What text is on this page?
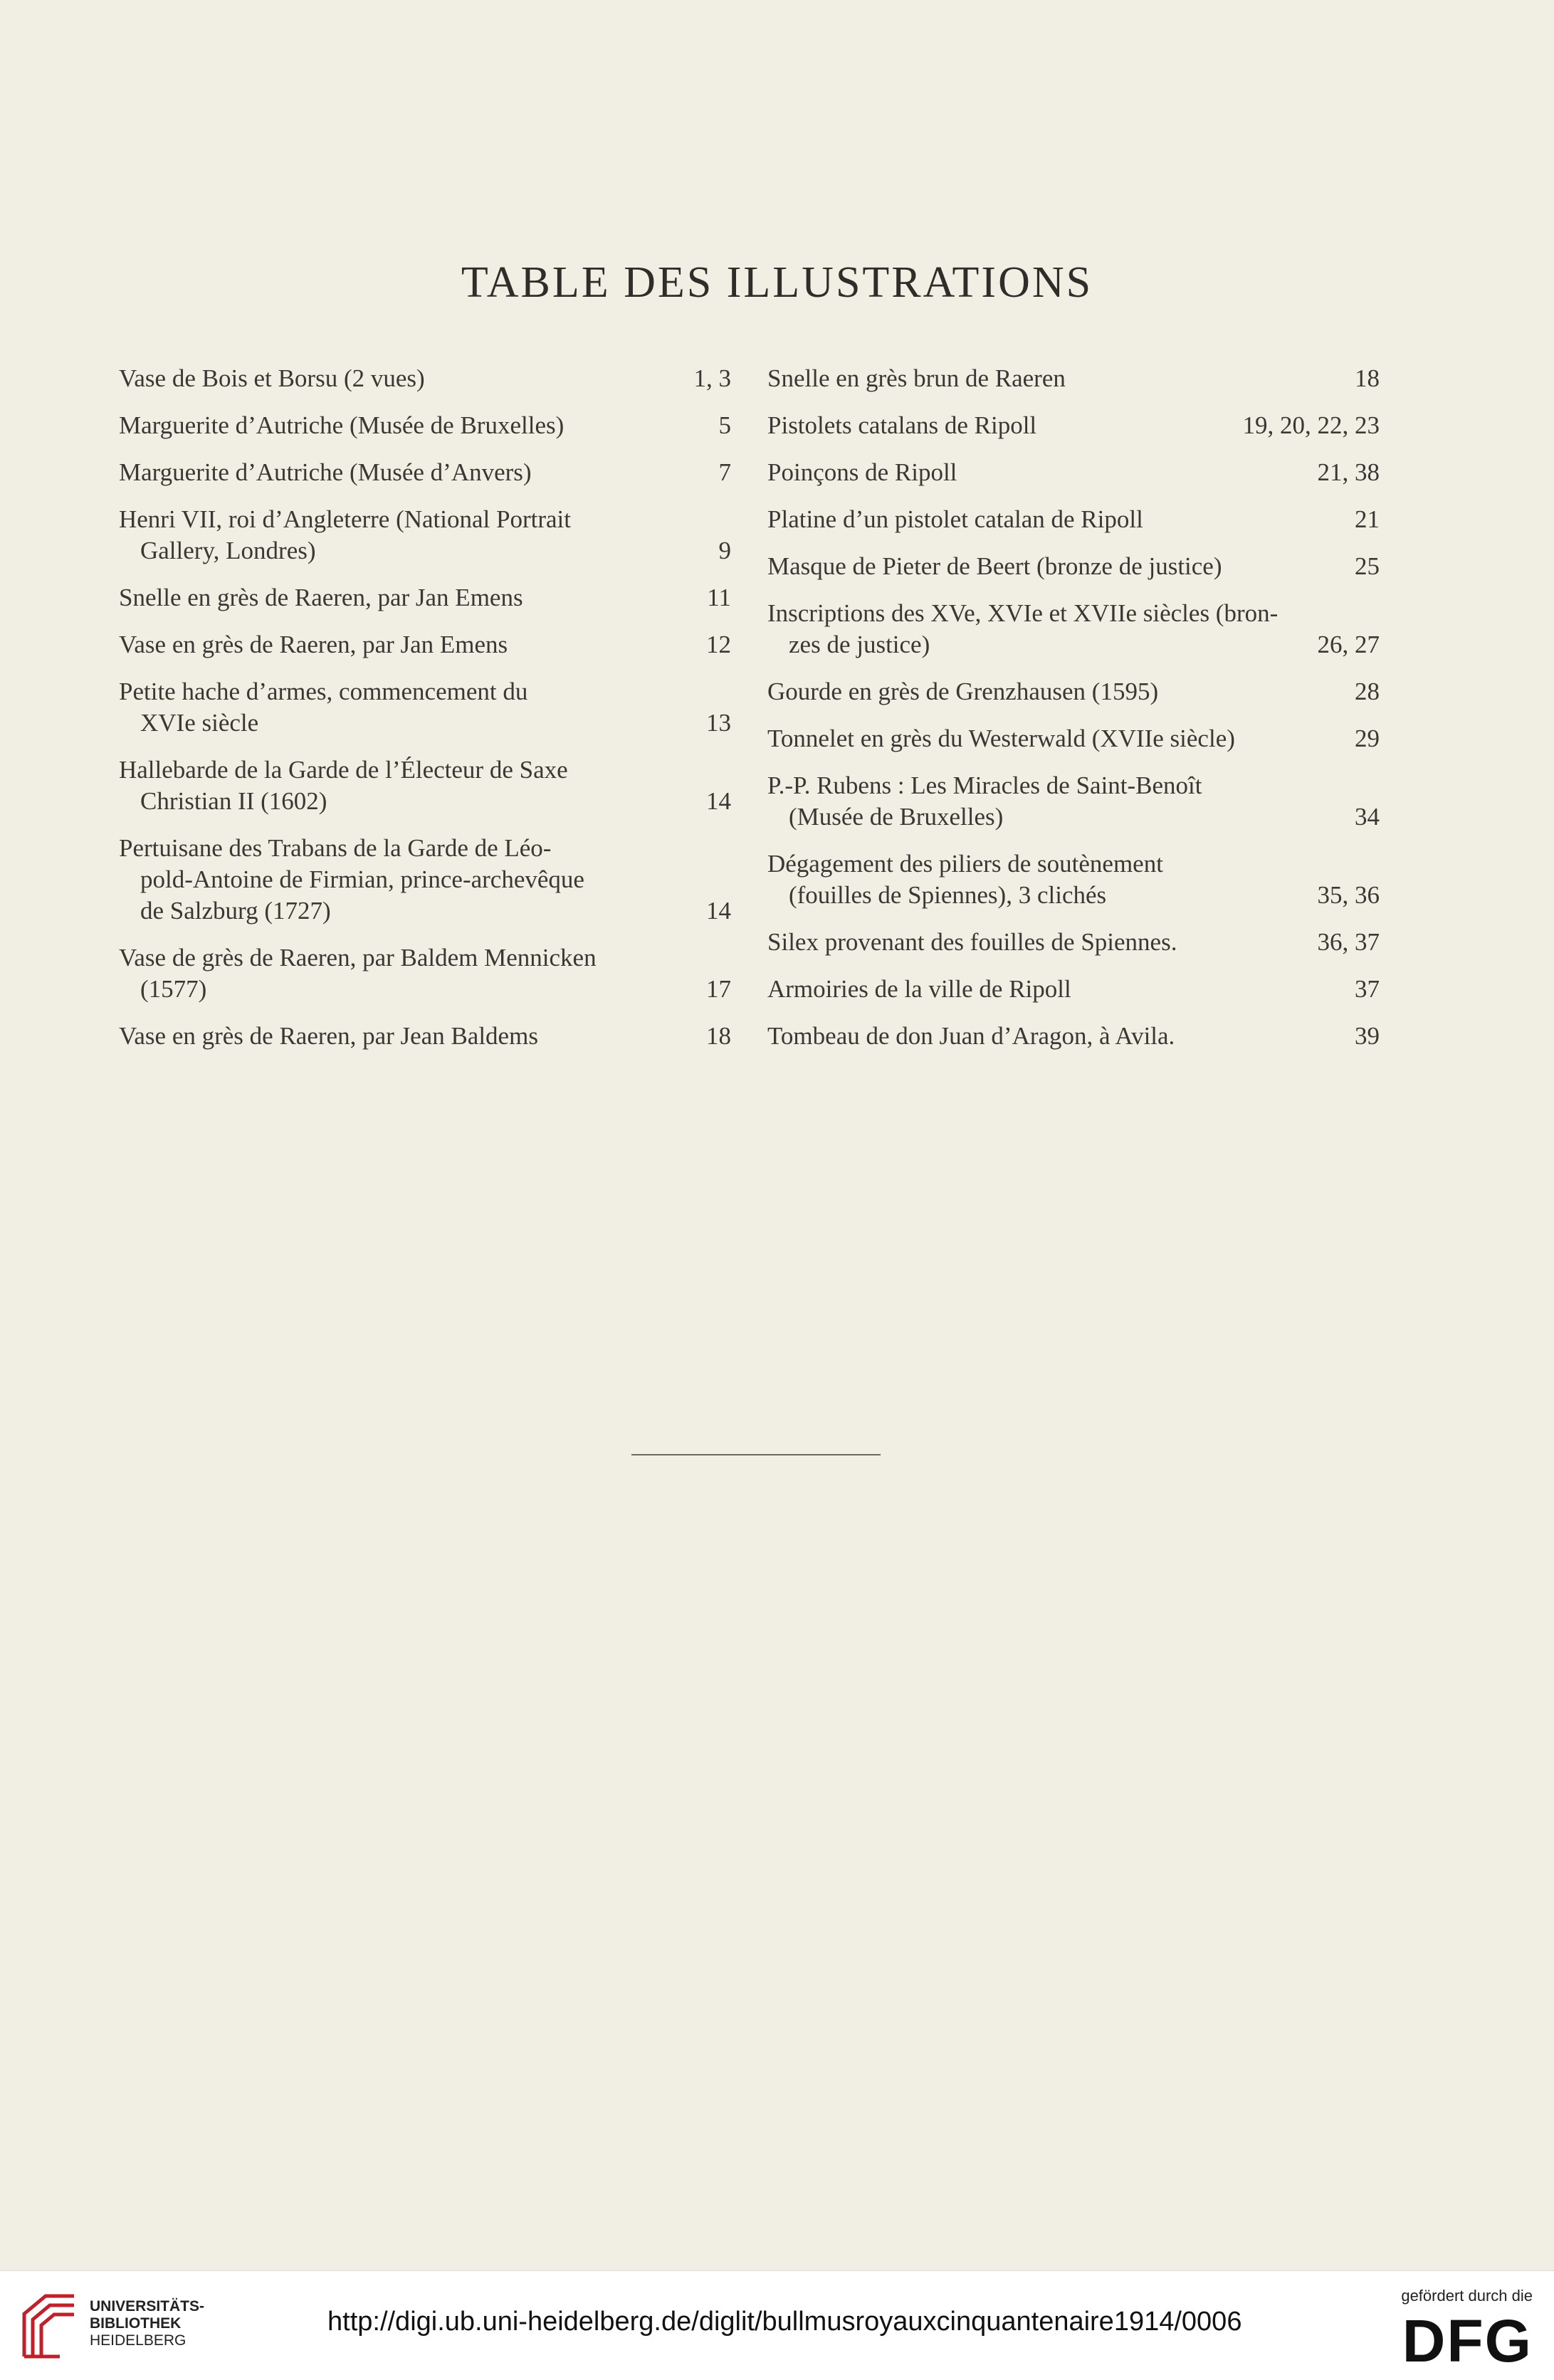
TABLE DES ILLUSTRATIONS
Vase de Bois et Borsu (2 vues)	1, 3
Marguerite d’Autriche (Musée de Bruxelles)	5
Marguerite d’Autriche (Musée d’Anvers)	7
Henri VII, roi d’Angleterre (National Portrait
Gallery, Londres)	9
Snelle en grès de Raeren, par Jan Emens	11
Vase en grès de Raeren, par Jan Emens	12
Petite hache d’armes, commencement du
XVIe siècle	13
Hallebarde de la Garde de l’Électeur de Saxe
Christian II (1602)	14
Pertuisane des Trabans de la Garde de Léo-
pold-Antoine de Firmian, prince-archevêque
de Salzburg (1727)	14
Vase de grès de Raeren, par Baldem Mennicken
(1577)	17
Vase en grès de Raeren, par Jean Baldems	18
Snelle en grès brun de Raeren	18
Pistolets catalans de Ripoll	19, 20, 22, 23
Poinçons de Ripoll	21, 38
Platine d’un pistolet catalan de Ripoll	21
Masque de Pieter de Beert (bronze de justice)	25
Inscriptions des XVe, XVIe et XVIIe siècles (bron-
zes de justice)	26, 27
Gourde en grès de Grenzhausen (1595)	28
Tonnelet en grès du Westerwald (XVIIe siècle)	29
P.-P. Rubens : Les Miracles de Saint-Benoît
(Musée de Bruxelles)	34
Dégagement des piliers de soutènement
(fouilles de Spiennes), 3 clichés	35, 36
Silex provenant des fouilles de Spiennes.	36, 37
Armoiries de la ville de Ripoll	37
Tombeau de don Juan d’Aragon, à Avila.	39
UNIVERSITÄTS-
BIBLIOTHEK
HEIDELBERG
http://digi.ub.uni-heidelberg.de/diglit/bullmusroyauxcinquantenaire1914/0006
gefördert durch die
DFG
